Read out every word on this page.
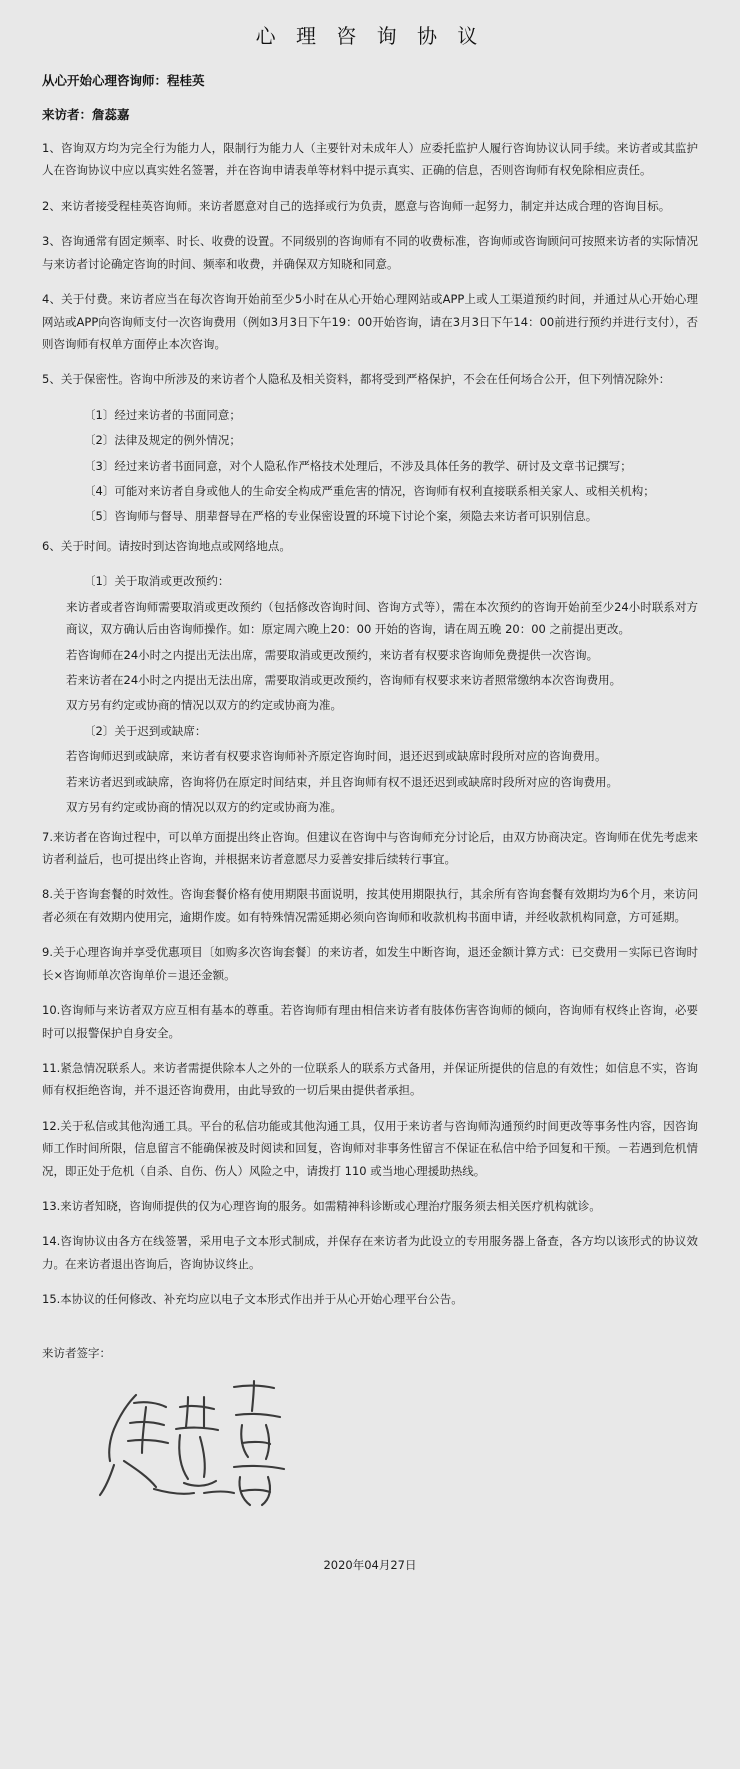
心 理 咨 询 协 议
从心开始心理咨询师：程桂英
来访者：詹蕊嘉

1、咨询双方均为完全行为能力人，限制行为能力人（主要针对未成年人）应委托监护人履行咨询协议认同手续。来访者或其监护人在咨询协议中应以真实姓名签署，并在咨询申请表单等材料中提示真实、正确的信息，否则咨询师有权免除相应责任。

2、来访者接受程桂英咨询师。来访者愿意对自己的选择或行为负责，愿意与咨询师一起努力，制定并达成合理的咨询目标。

3、咨询通常有固定频率、时长、收费的设置。不同级别的咨询师有不同的收费标准，咨询师或咨询顾问可按照来访者的实际情况与来访者讨论确定咨询的时间、频率和收费，并确保双方知晓和同意。

4、关于付费。来访者应当在每次咨询开始前至少5小时在从心开始心理网站或APP上或人工渠道预约时间，并通过从心开始心理网站或APP向咨询师支付一次咨询费用（例如3月3日下午19：00开始咨询，请在3月3日下午14：00前进行预约并进行支付），否则咨询师有权单方面停止本次咨询。

5、关于保密性。咨询中所涉及的来访者个人隐私及相关资料，都将受到严格保护，不会在任何场合公开，但下列情况除外：

〔1〕经过来访者的书面同意；

〔2〕法律及规定的例外情况；

〔3〕经过来访者书面同意，对个人隐私作严格技术处理后，不涉及具体任务的教学、研讨及文章书记撰写；

〔4〕可能对来访者自身或他人的生命安全构成严重危害的情况，咨询师有权利直接联系相关家人、或相关机构；

〔5〕咨询师与督导、朋辈督导在严格的专业保密设置的环境下讨论个案，须隐去来访者可识别信息。

6、关于时间。请按时到达咨询地点或网络地点。

〔1〕关于取消或更改预约：

来访者或者咨询师需要取消或更改预约（包括修改咨询时间、咨询方式等），需在本次预约的咨询开始前至少24小时联系对方商议，双方确认后由咨询师操作。如：原定周六晚上20：00 开始的咨询，请在周五晚 20：00 之前提出更改。

若咨询师在24小时之内提出无法出席，需要取消或更改预约，来访者有权要求咨询师免费提供一次咨询。

若来访者在24小时之内提出无法出席，需要取消或更改预约，咨询师有权要求来访者照常缴纳本次咨询费用。

双方另有约定或协商的情况以双方的约定或协商为准。

〔2〕关于迟到或缺席：

若咨询师迟到或缺席，来访者有权要求咨询师补齐原定咨询时间，退还迟到或缺席时段所对应的咨询费用。

若来访者迟到或缺席，咨询将仍在原定时间结束，并且咨询师有权不退还迟到或缺席时段所对应的咨询费用。

双方另有约定或协商的情况以双方的约定或协商为准。

7.来访者在咨询过程中，可以单方面提出终止咨询。但建议在咨询中与咨询师充分讨论后，由双方协商决定。咨询师在优先考虑来访者利益后，也可提出终止咨询，并根据来访者意愿尽力妥善安排后续转行事宜。

8.关于咨询套餐的时效性。咨询套餐价格有使用期限书面说明，按其使用期限执行，其余所有咨询套餐有效期均为6个月，来访问者必须在有效期内使用完，逾期作废。如有特殊情况需延期必须向咨询师和收款机构书面申请，并经收款机构同意，方可延期。

9.关于心理咨询并享受优惠项目〔如购多次咨询套餐〕的来访者，如发生中断咨询，退还金额计算方式：已交费用－实际已咨询时长×咨询师单次咨询单价＝退还金额。

10.咨询师与来访者双方应互相有基本的尊重。若咨询师有理由相信来访者有肢体伤害咨询师的倾向，咨询师有权终止咨询，必要时可以报警保护自身安全。

11.紧急情况联系人。来访者需提供除本人之外的一位联系人的联系方式备用，并保证所提供的信息的有效性；如信息不实，咨询师有权拒绝咨询，并不退还咨询费用，由此导致的一切后果由提供者承担。

12.关于私信或其他沟通工具。平台的私信功能或其他沟通工具，仅用于来访者与咨询师沟通预约时间更改等事务性内容，因咨询师工作时间所限，信息留言不能确保被及时阅读和回复，咨询师对非事务性留言不保证在私信中给予回复和干预。－若遇到危机情况，即正处于危机（自杀、自伤、伤人）风险之中，请拨打 110 或当地心理援助热线。

13.来访者知晓，咨询师提供的仅为心理咨询的服务。如需精神科诊断或心理治疗服务须去相关医疗机构就诊。

14.咨询协议由各方在线签署，采用电子文本形式制成，并保存在来访者为此设立的专用服务器上备查，各方均以该形式的协议效力。在来访者退出咨询后，咨询协议终止。

15.本协议的任何修改、补充均应以电子文本形式作出并于从心开始心理平台公告。

来访者签字：
2020年04月27日
